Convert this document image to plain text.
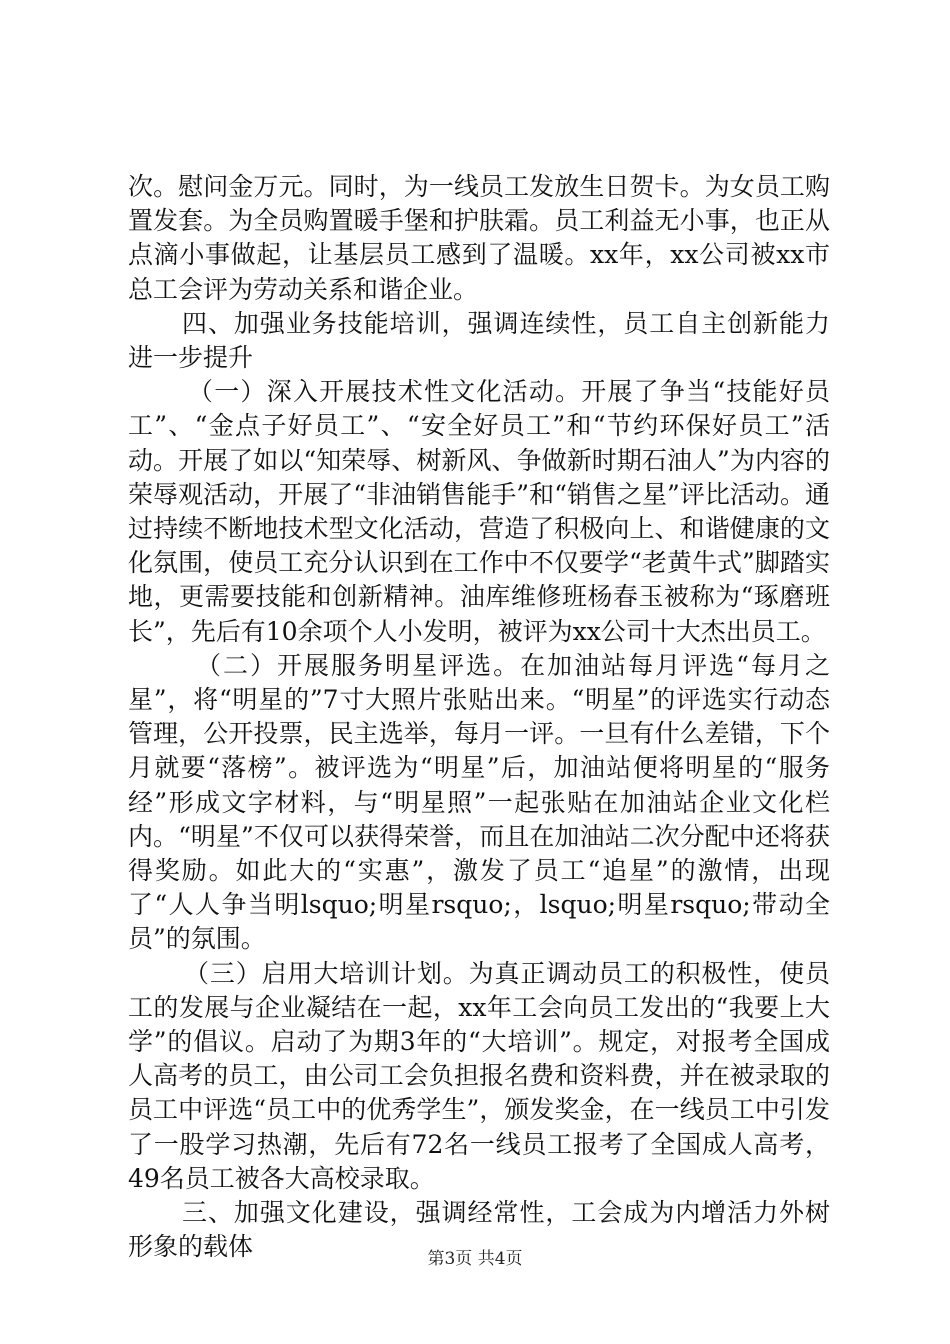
次。慰问金万元。同时，为一线员工发放生日贺卡。为女员工购置发套。为全员购置暖手堡和护肤霜。员工利益无小事，也正从点滴小事做起，让基层员工感到了温暖。xx年，xx公司被xx市总工会评为劳动关系和谐企业。

四、加强业务技能培训，强调连续性，员工自主创新能力进一步提升

（一）深入开展技术性文化活动。开展了争当“技能好员工”、“金点子好员工”、“安全好员工”和“节约环保好员工”活动。开展了如以“知荣辱、树新风、争做新时期石油人”为内容的荣辱观活动，开展了“非油销售能手”和“销售之星”评比活动。通过持续不断地技术型文化活动，营造了积极向上、和谐健康的文化氛围，使员工充分认识到在工作中不仅要学“老黄牛式”脚踏实地，更需要技能和创新精神。油库维修班杨春玉被称为“琢磨班长”，先后有10余项个人小发明，被评为xx公司十大杰出员工。

（二）开展服务明星评选。在加油站每月评选“每月之星”，将“明星的”7寸大照片张贴出来。“明星”的评选实行动态管理，公开投票，民主选举，每月一评。一旦有什么差错，下个月就要“落榜”。被评选为“明星”后，加油站便将明星的“服务经”形成文字材料，与“明星照”一起张贴在加油站企业文化栏内。“明星”不仅可以获得荣誉，而且在加油站二次分配中还将获得奖励。如此大的“实惠”，激发了员工“追星”的激情，出现了“人人争当明lsquo;明星rsquo;，lsquo;明星rsquo;带动全员”的氛围。

（三）启用大培训计划。为真正调动员工的积极性，使员工的发展与企业凝结在一起，xx年工会向员工发出的“我要上大学”的倡议。启动了为期3年的“大培训”。规定，对报考全国成人高考的员工，由公司工会负担报名费和资料费，并在被录取的员工中评选“员工中的优秀学生”，颁发奖金，在一线员工中引发了一股学习热潮，先后有72名一线员工报考了全国成人高考，49名员工被各大高校录取。

三、加强文化建设，强调经常性，工会成为内增活力外树形象的载体	第3页 共4页
